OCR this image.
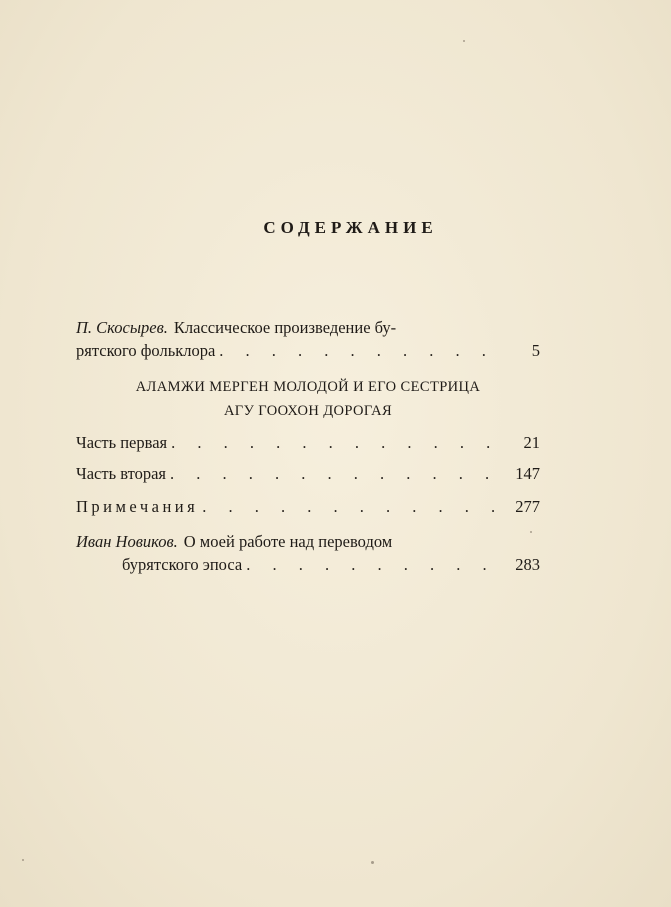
СОДЕРЖАНИЕ
П. Скосырев. Классическое произведение бу-
рятского фольклора . . .	5
АЛАМЖИ МЕРГЕН МОЛОДОЙ И ЕГО СЕСТРИЦА
АГУ ГООХОН ДОРОГАЯ
Часть первая . . .	21
Часть вторая . . .	147
Примечания . . .	277
Иван Новиков. О моей работе над переводом
бурятского эпоса . . .	283
